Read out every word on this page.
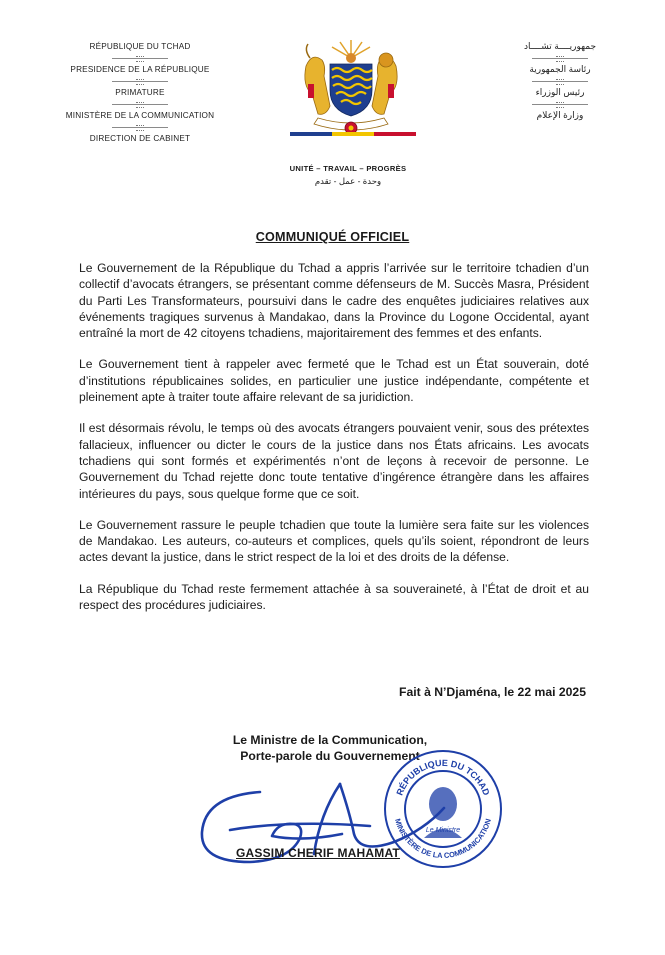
RÉPUBLIQUE DU TCHAD
PRESIDENCE DE LA RÉPUBLIQUE
PRIMATURE
MINISTÈRE DE LA COMMUNICATION
DIRECTION DE CABINET
جمهوريــــة تشــــاد
رئاسة الجمهورية
رئيس الوزراء
وزارة الإعلام
UNITÉ – TRAVAIL – PROGRÈS
وحدة - عمل - تقدم
COMMUNIQUÉ OFFICIEL

Le Gouvernement de la République du Tchad a appris l’arrivée sur le territoire tchadien d’un collectif d’avocats étrangers, se présentant comme défenseurs de M. Succès Masra, Président du Parti Les Transformateurs, poursuivi dans le cadre des enquêtes judiciaires relatives aux événements tragiques survenus à Mandakao, dans la Province du Logone Occidental, ayant entraîné la mort de 42 citoyens tchadiens, majoritairement des femmes et des enfants.

Le Gouvernement tient à rappeler avec fermeté que le Tchad est un État souverain, doté d’institutions républicaines solides, en particulier une justice indépendante, compétente et pleinement apte à traiter toute affaire relevant de sa juridiction.

Il est désormais révolu, le temps où des avocats étrangers pouvaient venir, sous des prétextes fallacieux, influencer ou dicter le cours de la justice dans nos États africains. Les avocats tchadiens qui sont formés et expérimentés n’ont de leçons à recevoir de personne. Le Gouvernement du Tchad rejette donc toute tentative d’ingérence étrangère dans les affaires intérieures du pays, sous quelque forme que ce soit.

Le Gouvernement rassure le peuple tchadien que toute la lumière sera faite sur les violences de Mandakao. Les auteurs, co-auteurs et complices, quels qu’ils soient, répondront de leurs actes devant la justice, dans le strict respect de la loi et des droits de la défense.

La République du Tchad reste fermement attachée à sa souveraineté, à l’État de droit et au respect des procédures judiciaires.

Fait à N’Djaména, le 22 mai 2025
Le Ministre de la Communication,
Porte-parole du Gouvernement
RÉPUBLIQUE DU TCHAD
MINISTÈRE DE LA COMMUNICATION
Le Ministre
GASSIM CHERIF MAHAMAT
